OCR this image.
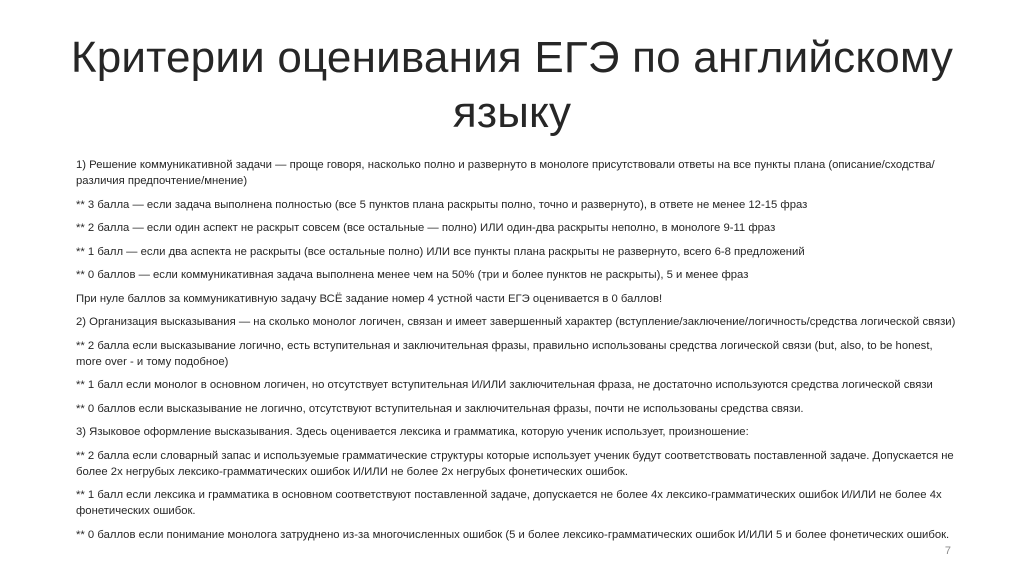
Критерии оценивания ЕГЭ по английскому языку

1) Решение коммуникативной задачи — проще говоря, насколько полно и развернуто в монологе присутствовали ответы на все пункты плана (описание/сходства/различия предпочтение/мнение)

** 3 балла — если задача выполнена полностью (все 5 пунктов плана раскрыты полно, точно и развернуто), в ответе не менее 12-15 фраз

** 2 балла — если один аспект не раскрыт совсем (все остальные — полно) ИЛИ один-два раскрыты неполно, в монологе 9-11 фраз

** 1 балл — если два аспекта не раскрыты (все остальные полно) ИЛИ все пункты плана раскрыты не развернуто, всего 6-8 предложений

** 0 баллов — если коммуникативная задача выполнена менее чем на 50% (три и более пунктов не раскрыты), 5 и менее фраз

При нуле баллов за коммуникативную задачу ВСЁ задание номер 4 устной части ЕГЭ оценивается в 0 баллов!

2) Организация высказывания — на сколько монолог логичен, связан и имеет завершенный характер (вступление/заключение/логичность/средства логической связи)

** 2 балла если высказывание логично, есть вступительная и заключительная фразы, правильно использованы средства логической связи (but, also, to be honest, more over - и тому подобное)

** 1 балл если монолог в основном логичен, но отсутствует вступительная И/ИЛИ заключительная фраза, не достаточно используются средства логической связи

** 0 баллов если высказывание не логично, отсутствуют вступительная и заключительная фразы, почти не использованы средства связи.

3) Языковое оформление высказывания. Здесь оценивается лексика и грамматика, которую ученик использует, произношение:

** 2 балла если словарный запас и используемые грамматические структуры которые использует ученик будут соответствовать поставленной задаче. Допускается не более 2х негрубых лексико-грамматических ошибок И/ИЛИ не более 2х негрубых фонетических ошибок.

** 1 балл если лексика и грамматика в основном соответствуют поставленной задаче, допускается не более 4х лексико-грамматических ошибок И/ИЛИ не более 4х фонетических ошибок.

** 0 баллов если понимание монолога затруднено из-за многочисленных ошибок (5 и более лексико-грамматических ошибок И/ИЛИ 5 и более фонетических ошибок.

7
